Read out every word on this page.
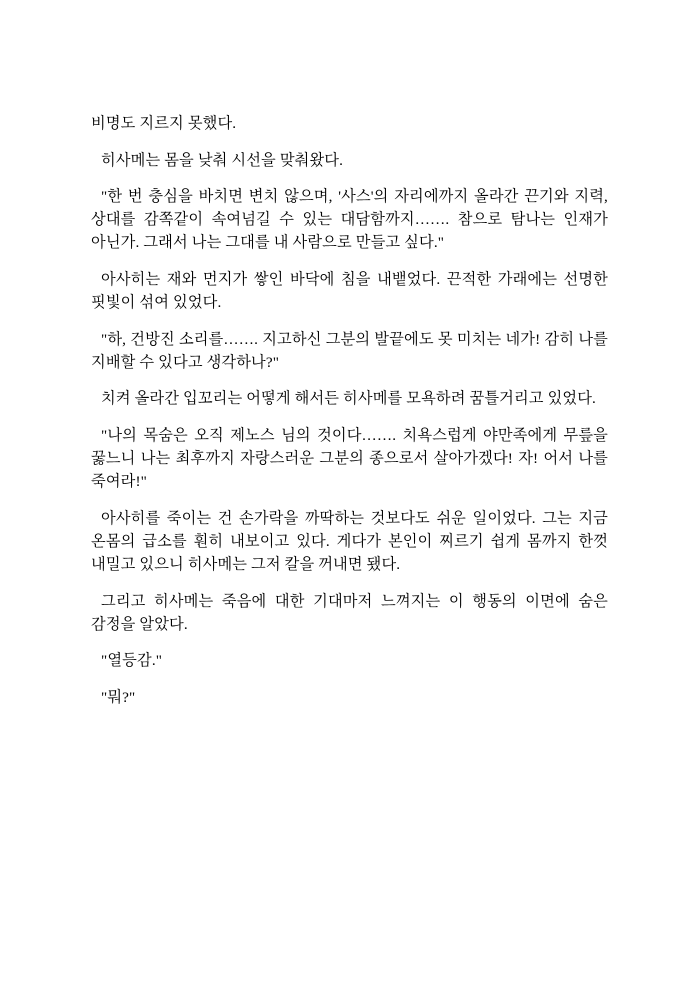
비명도 지르지 못했다.

히사메는 몸을 낮춰 시선을 맞춰왔다.

"한 번 충심을 바치면 변치 않으며, '사스'의 자리에까지 올라간 끈기와 지력, 상대를 감쪽같이 속여넘길 수 있는 대담함까지……. 참으로 탐나는 인재가 아닌가. 그래서 나는 그대를 내 사람으로 만들고 싶다."

아사히는 재와 먼지가 쌓인 바닥에 침을 내뱉었다. 끈적한 가래에는 선명한 핏빛이 섞여 있었다.

"하, 건방진 소리를……. 지고하신 그분의 발끝에도 못 미치는 네가! 감히 나를 지배할 수 있다고 생각하나?"

치켜 올라간 입꼬리는 어떻게 해서든 히사메를 모욕하려 꿈틀거리고 있었다.

"나의 목숨은 오직 제노스 님의 것이다……. 치욕스럽게 야만족에게 무릎을 꿇느니 나는 최후까지 자랑스러운 그분의 종으로서 살아가겠다! 자! 어서 나를 죽여라!"

아사히를 죽이는 건 손가락을 까딱하는 것보다도 쉬운 일이었다. 그는 지금 온몸의 급소를 훤히 내보이고 있다. 게다가 본인이 찌르기 쉽게 몸까지 한껏 내밀고 있으니 히사메는 그저 칼을 꺼내면 됐다.

그리고 히사메는 죽음에 대한 기대마저 느껴지는 이 행동의 이면에 숨은 감정을 알았다.

"열등감."

"뭐?"
